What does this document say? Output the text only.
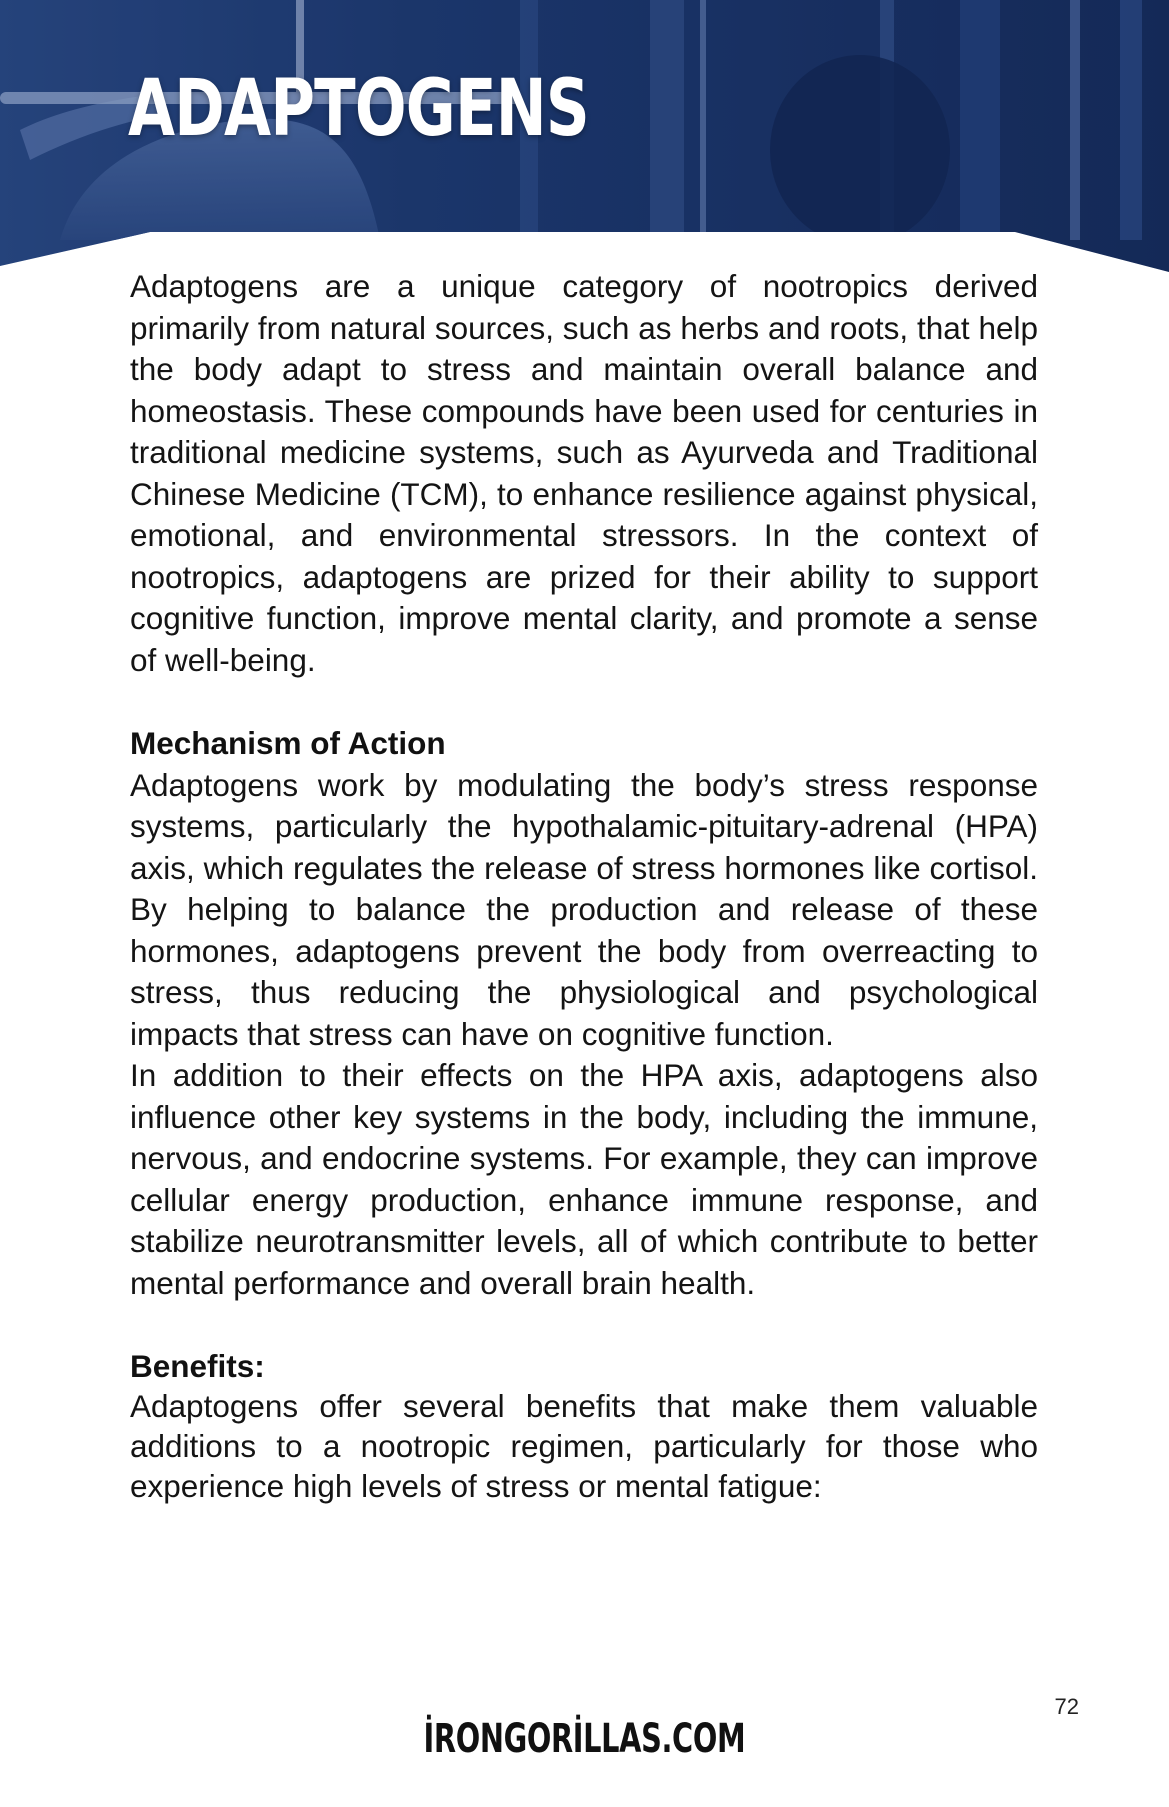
ADAPTOGENS

Adaptogens are a unique category of nootropics derived primarily from natural sources, such as herbs and roots, that help the body adapt to stress and maintain overall balance and homeostasis. These compounds have been used for centuries in traditional medicine systems, such as Ayurveda and Traditional Chinese Medicine (TCM), to enhance resilience against physical, emotional, and environmental stressors. In the context of nootropics, adaptogens are prized for their ability to support cognitive function, improve mental clarity, and promote a sense of well-being.

Mechanism of Action

Adaptogens work by modulating the body’s stress response systems, particularly the hypothalamic-pituitary-adrenal (HPA) axis, which regulates the release of stress hormones like cortisol. By helping to balance the production and release of these hormones, adaptogens prevent the body from overreacting to stress, thus reducing the physiological and psychological impacts that stress can have on cognitive function.

In addition to their effects on the HPA axis, adaptogens also influence other key systems in the body, including the immune, nervous, and endocrine systems. For example, they can improve cellular energy production, enhance immune response, and stabilize neurotransmitter levels, all of which contribute to better mental performance and overall brain health.

Benefits:

Adaptogens offer several benefits that make them valuable additions to a nootropic regimen, particularly for those who experience high levels of stress or mental fatigue:

72
İRONGORİLLAS.COM
